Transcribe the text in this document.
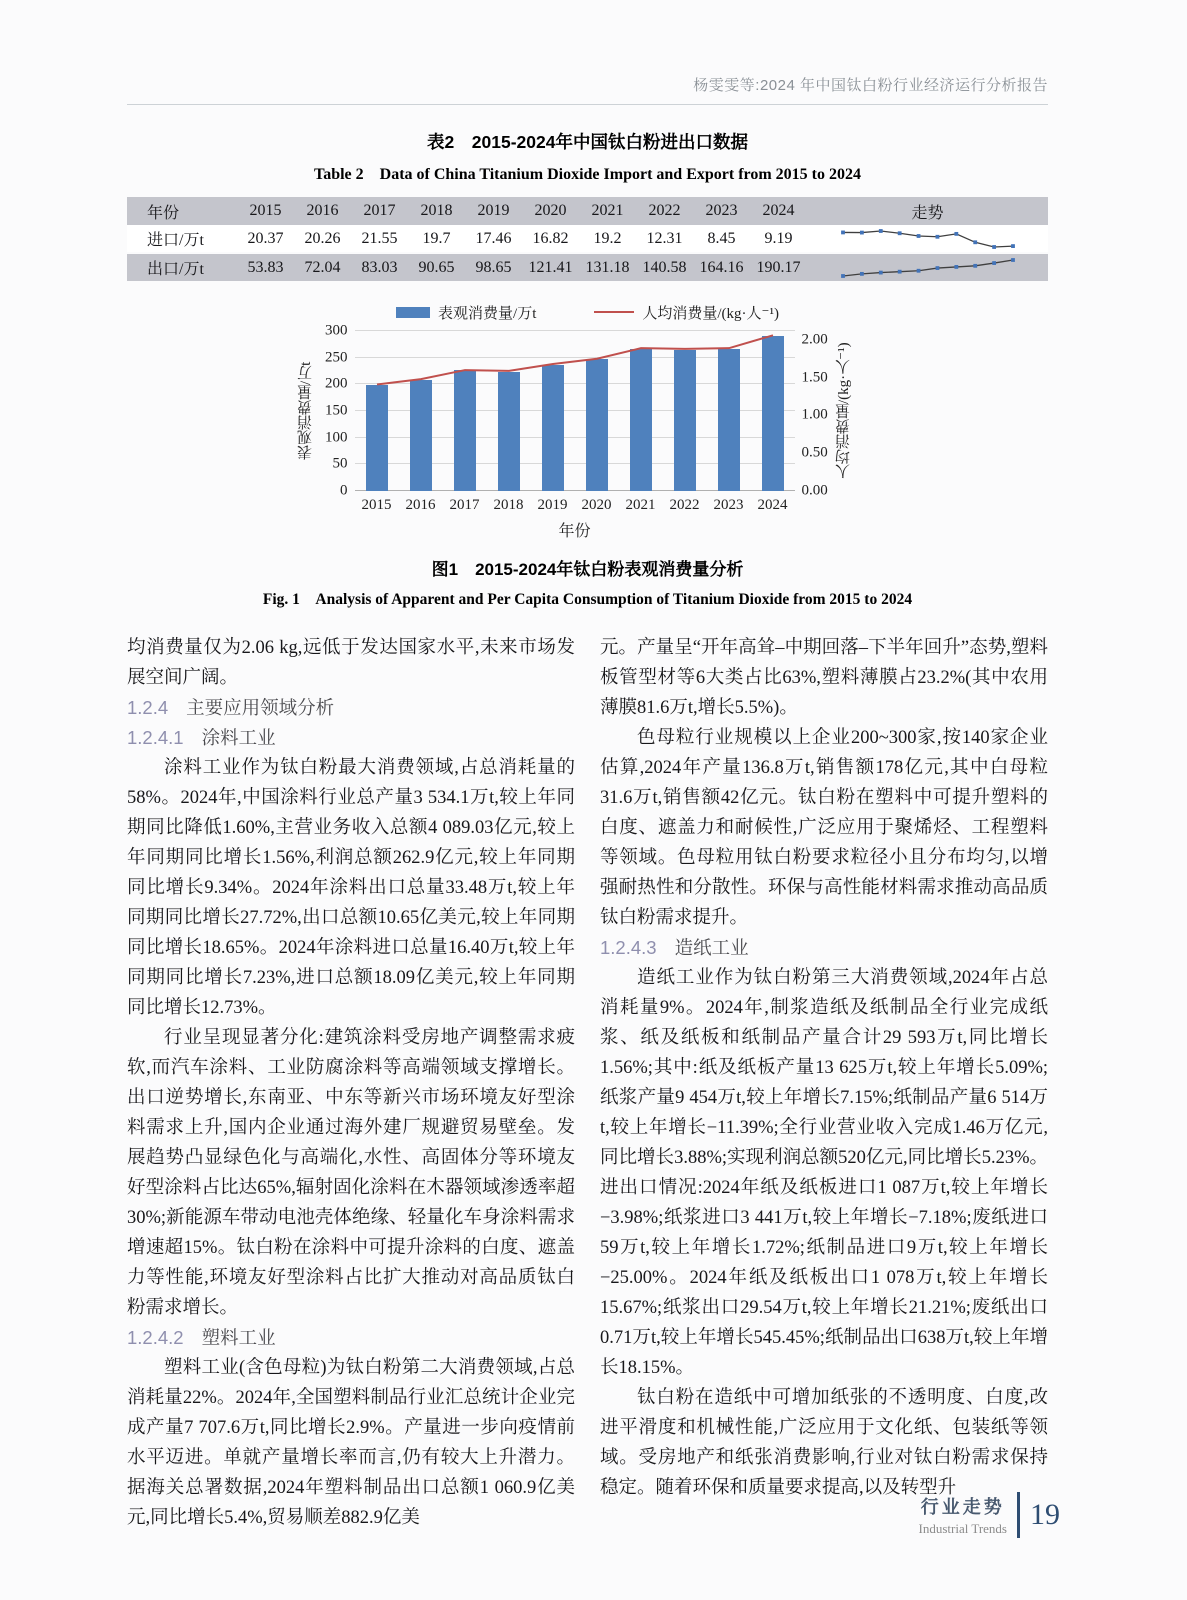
杨雯雯等:2024 年中国钛白粉行业经济运行分析报告
表2　2015-2024年中国钛白粉进出口数据
Table 2　Data of China Titanium Dioxide Import and Export from 2015 to 2024
年份	2015	2016	2017	2018	2019	2020	2021	2022	2023	2024	走势
进口/万t	20.37	20.26	21.55	19.7	17.46	16.82	19.2	12.31	8.45	9.19	

出口/万t	53.83	72.04	83.03	90.65	98.65	121.41	131.18	140.58	164.16	190.17	
表观消费量/万t	人均消费量/(kg·人⁻¹)
表观消费量/万t
0
50
100
150
200
250
300
2015 2016 2017 2018 2019 2020 2021 2022 2023 2024
年份
0.00
0.50
1.00
1.50
2.00
人均消费量/(kg·人⁻¹)
图1　2015-2024年钛白粉表观消费量分析
Fig. 1　Analysis of Apparent and Per Capita Consumption of Titanium Dioxide from 2015 to 2024

均消费量仅为2.06 kg,远低于发达国家水平,未来市场发展空间广阔。

1.2.4 主要应用领域分析
1.2.4.1 涂料工业

涂料工业作为钛白粉最大消费领域,占总消耗量的58%。2024年,中国涂料行业总产量3 534.1万t,较上年同期同比降低1.60%,主营业务收入总额4 089.03亿元,较上年同期同比增长1.56%,利润总额262.9亿元,较上年同期同比增长9.34%。2024年涂料出口总量33.48万t,较上年同期同比增长27.72%,出口总额10.65亿美元,较上年同期同比增长18.65%。2024年涂料进口总量16.40万t,较上年同期同比增长7.23%,进口总额18.09亿美元,较上年同期同比增长12.73%。

行业呈现显著分化:建筑涂料受房地产调整需求疲软,而汽车涂料、工业防腐涂料等高端领域支撑增长。出口逆势增长,东南亚、中东等新兴市场环境友好型涂料需求上升,国内企业通过海外建厂规避贸易壁垒。发展趋势凸显绿色化与高端化,水性、高固体分等环境友好型涂料占比达65%,辐射固化涂料在木器领域渗透率超30%;新能源车带动电池壳体绝缘、轻量化车身涂料需求增速超15%。钛白粉在涂料中可提升涂料的白度、遮盖力等性能,环境友好型涂料占比扩大推动对高品质钛白粉需求增长。

1.2.4.2 塑料工业

塑料工业(含色母粒)为钛白粉第二大消费领域,占总消耗量22%。2024年,全国塑料制品行业汇总统计企业完成产量7 707.6万t,同比增长2.9%。产量进一步向疫情前水平迈进。单就产量增长率而言,仍有较大上升潜力。据海关总署数据,2024年塑料制品出口总额1 060.9亿美元,同比增长5.4%,贸易顺差882.9亿美

元。产量呈“开年高耸–中期回落–下半年回升”态势,塑料板管型材等6大类占比63%,塑料薄膜占23.2%(其中农用薄膜81.6万t,增长5.5%)。

色母粒行业规模以上企业200~300家,按140家企业估算,2024年产量136.8万t,销售额178亿元,其中白母粒31.6万t,销售额42亿元。钛白粉在塑料中可提升塑料的白度、遮盖力和耐候性,广泛应用于聚烯烃、工程塑料等领域。色母粒用钛白粉要求粒径小且分布均匀,以增强耐热性和分散性。环保与高性能材料需求推动高品质钛白粉需求提升。

1.2.4.3 造纸工业

造纸工业作为钛白粉第三大消费领域,2024年占总消耗量9%。2024年,制浆造纸及纸制品全行业完成纸浆、纸及纸板和纸制品产量合计29 593万t,同比增长1.56%;其中:纸及纸板产量13 625万t,较上年增长5.09%;纸浆产量9 454万t,较上年增长7.15%;纸制品产量6 514万t,较上年增长−11.39%;全行业营业收入完成1.46万亿元,同比增长3.88%;实现利润总额520亿元,同比增长5.23%。进出口情况:2024年纸及纸板进口1 087万t,较上年增长−3.98%;纸浆进口3 441万t,较上年增长−7.18%;废纸进口59万t,较上年增长1.72%;纸制品进口9万t,较上年增长−25.00%。2024年纸及纸板出口1 078万t,较上年增长15.67%;纸浆出口29.54万t,较上年增长21.21%;废纸出口0.71万t,较上年增长545.45%;纸制品出口638万t,较上年增长18.15%。

钛白粉在造纸中可增加纸张的不透明度、白度,改进平滑度和机械性能,广泛应用于文化纸、包装纸等领域。受房地产和纸张消费影响,行业对钛白粉需求保持稳定。随着环保和质量要求提高,以及转型升

行业走势
Industrial Trends 19
